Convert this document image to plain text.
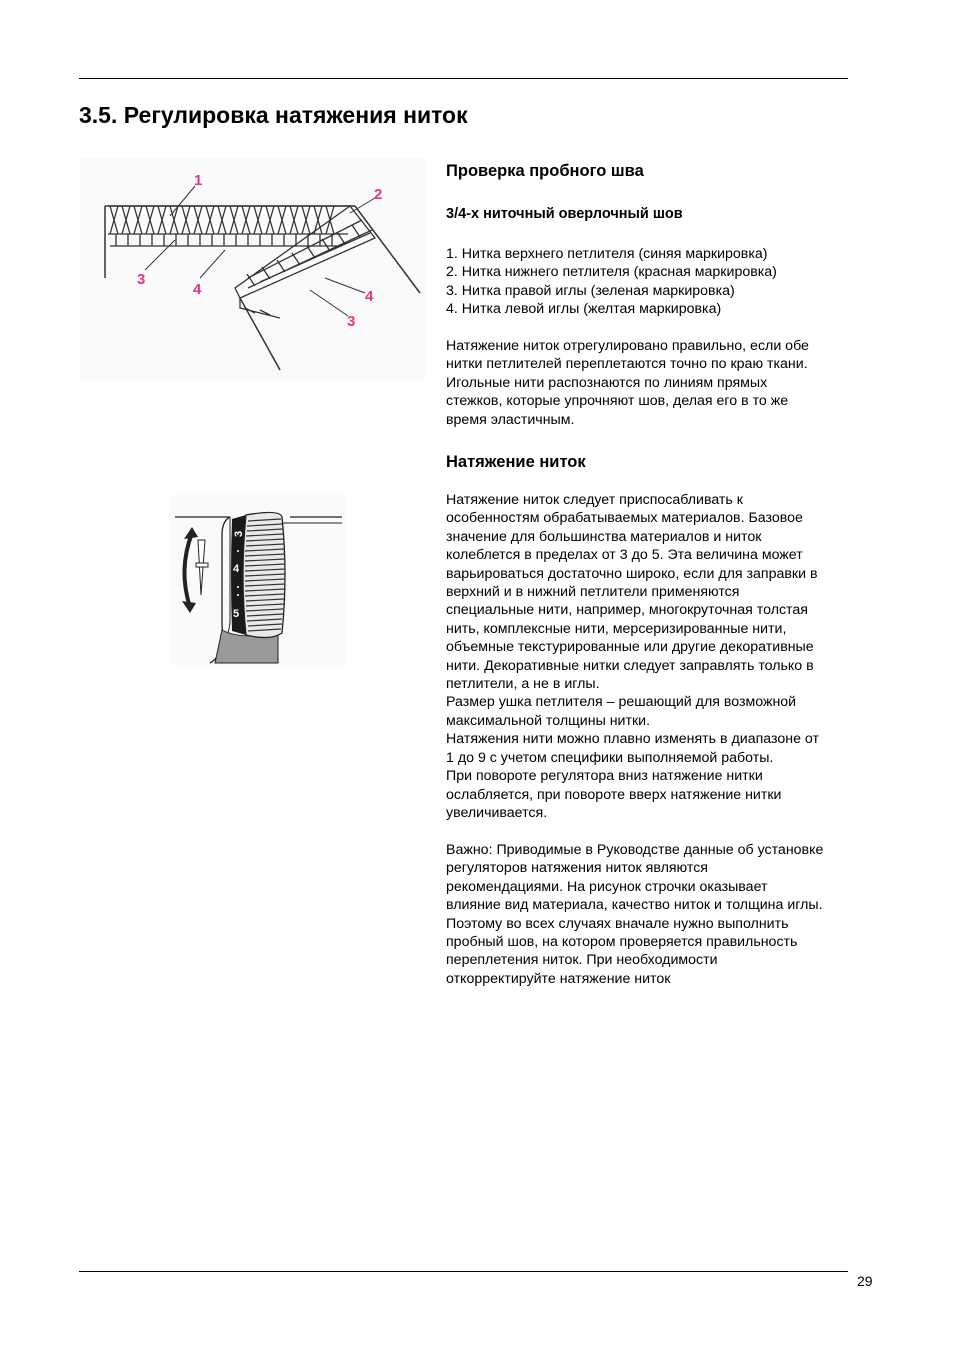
3.5. Регулировка натяжения ниток
1
2
3
4	4
3
3
4
5
Проверка пробного шва
3/4-х ниточный оверлочный шов
1. Нитка верхнего петлителя (синяя маркировка)
2. Нитка нижнего петлителя (красная маркировка)
3. Нитка правой иглы (зеленая маркировка)
4. Нитка левой иглы (желтая маркировка)
Натяжение ниток отрегулировано правильно, если обе
нитки петлителей переплетаются точно по краю ткани.
Игольные нити распознаются по линиям прямых
стежков, которые упрочняют шов, делая его в то же
время эластичным.
Натяжение ниток
Натяжение ниток следует приспосабливать к
особенностям обрабатываемых материалов. Базовое
значение для большинства материалов и ниток
колеблется в пределах от 3 до 5. Эта величина может
варьироваться достаточно широко, если для заправки в
верхний и в нижний петлители применяются
специальные нити, например, многокруточная толстая
нить, комплексные нити, мерсеризированные нити,
объемные текстурированные или другие декоративные
нити. Декоративные нитки следует заправлять только в
петлители, а не в иглы.
Размер ушка петлителя – решающий для возможной
максимальной толщины нитки.
Натяжения нити можно плавно изменять в диапазоне от
1 до 9 с учетом специфики выполняемой работы.
При повороте регулятора вниз натяжение нитки
ослабляется, при повороте вверх натяжение нитки
увеличивается.
Важно: Приводимые в Руководстве данные об установке
регуляторов натяжения ниток являются
рекомендациями. На рисунок строчки оказывает
влияние вид материала, качество ниток и толщина иглы.
Поэтому во всех случаях вначале нужно выполнить
пробный шов, на котором проверяется правильность
переплетения ниток. При необходимости
откорректируйте натяжение ниток
29
